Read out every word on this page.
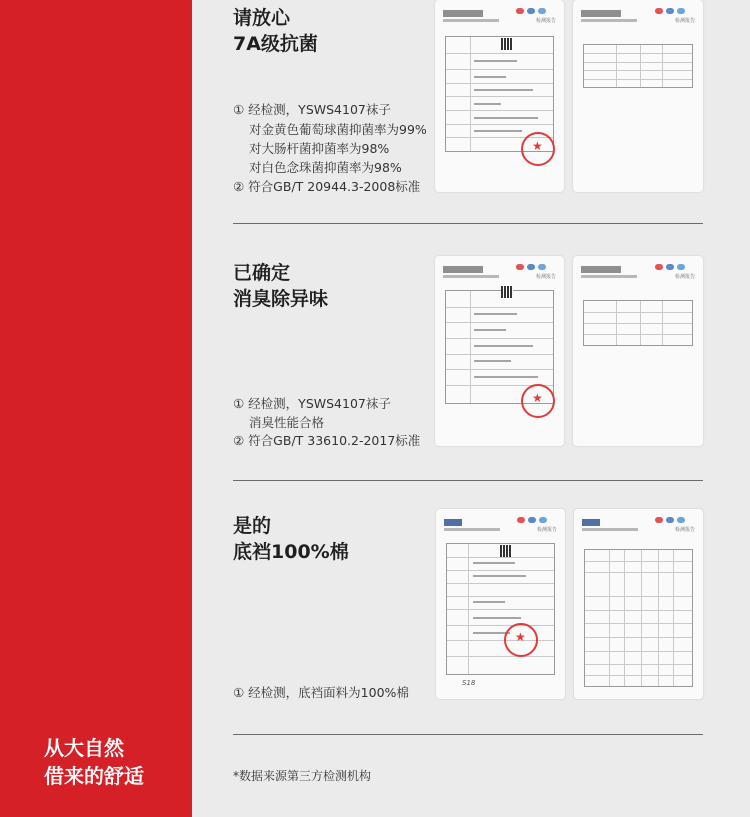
请放心
7A级抗菌
① 经检测，YSWS4107袜子
对金黄色葡萄球菌抑菌率为99%
对大肠杆菌抑菌率为98%
对白色念珠菌抑菌率为98%
② 符合GB/T 20944.3-2008标准
检测报告
★	检测报告
已确定
消臭除异味
① 经检测，YSWS4107袜子
消臭性能合格
② 符合GB/T 33610.2-2017标准
检测报告
★	检测报告
是的
底裆100%棉
① 经检测，底裆面料为100%棉
检测报告
★
S18
检测报告
*数据来源第三方检测机构
从大自然
借来的舒适
